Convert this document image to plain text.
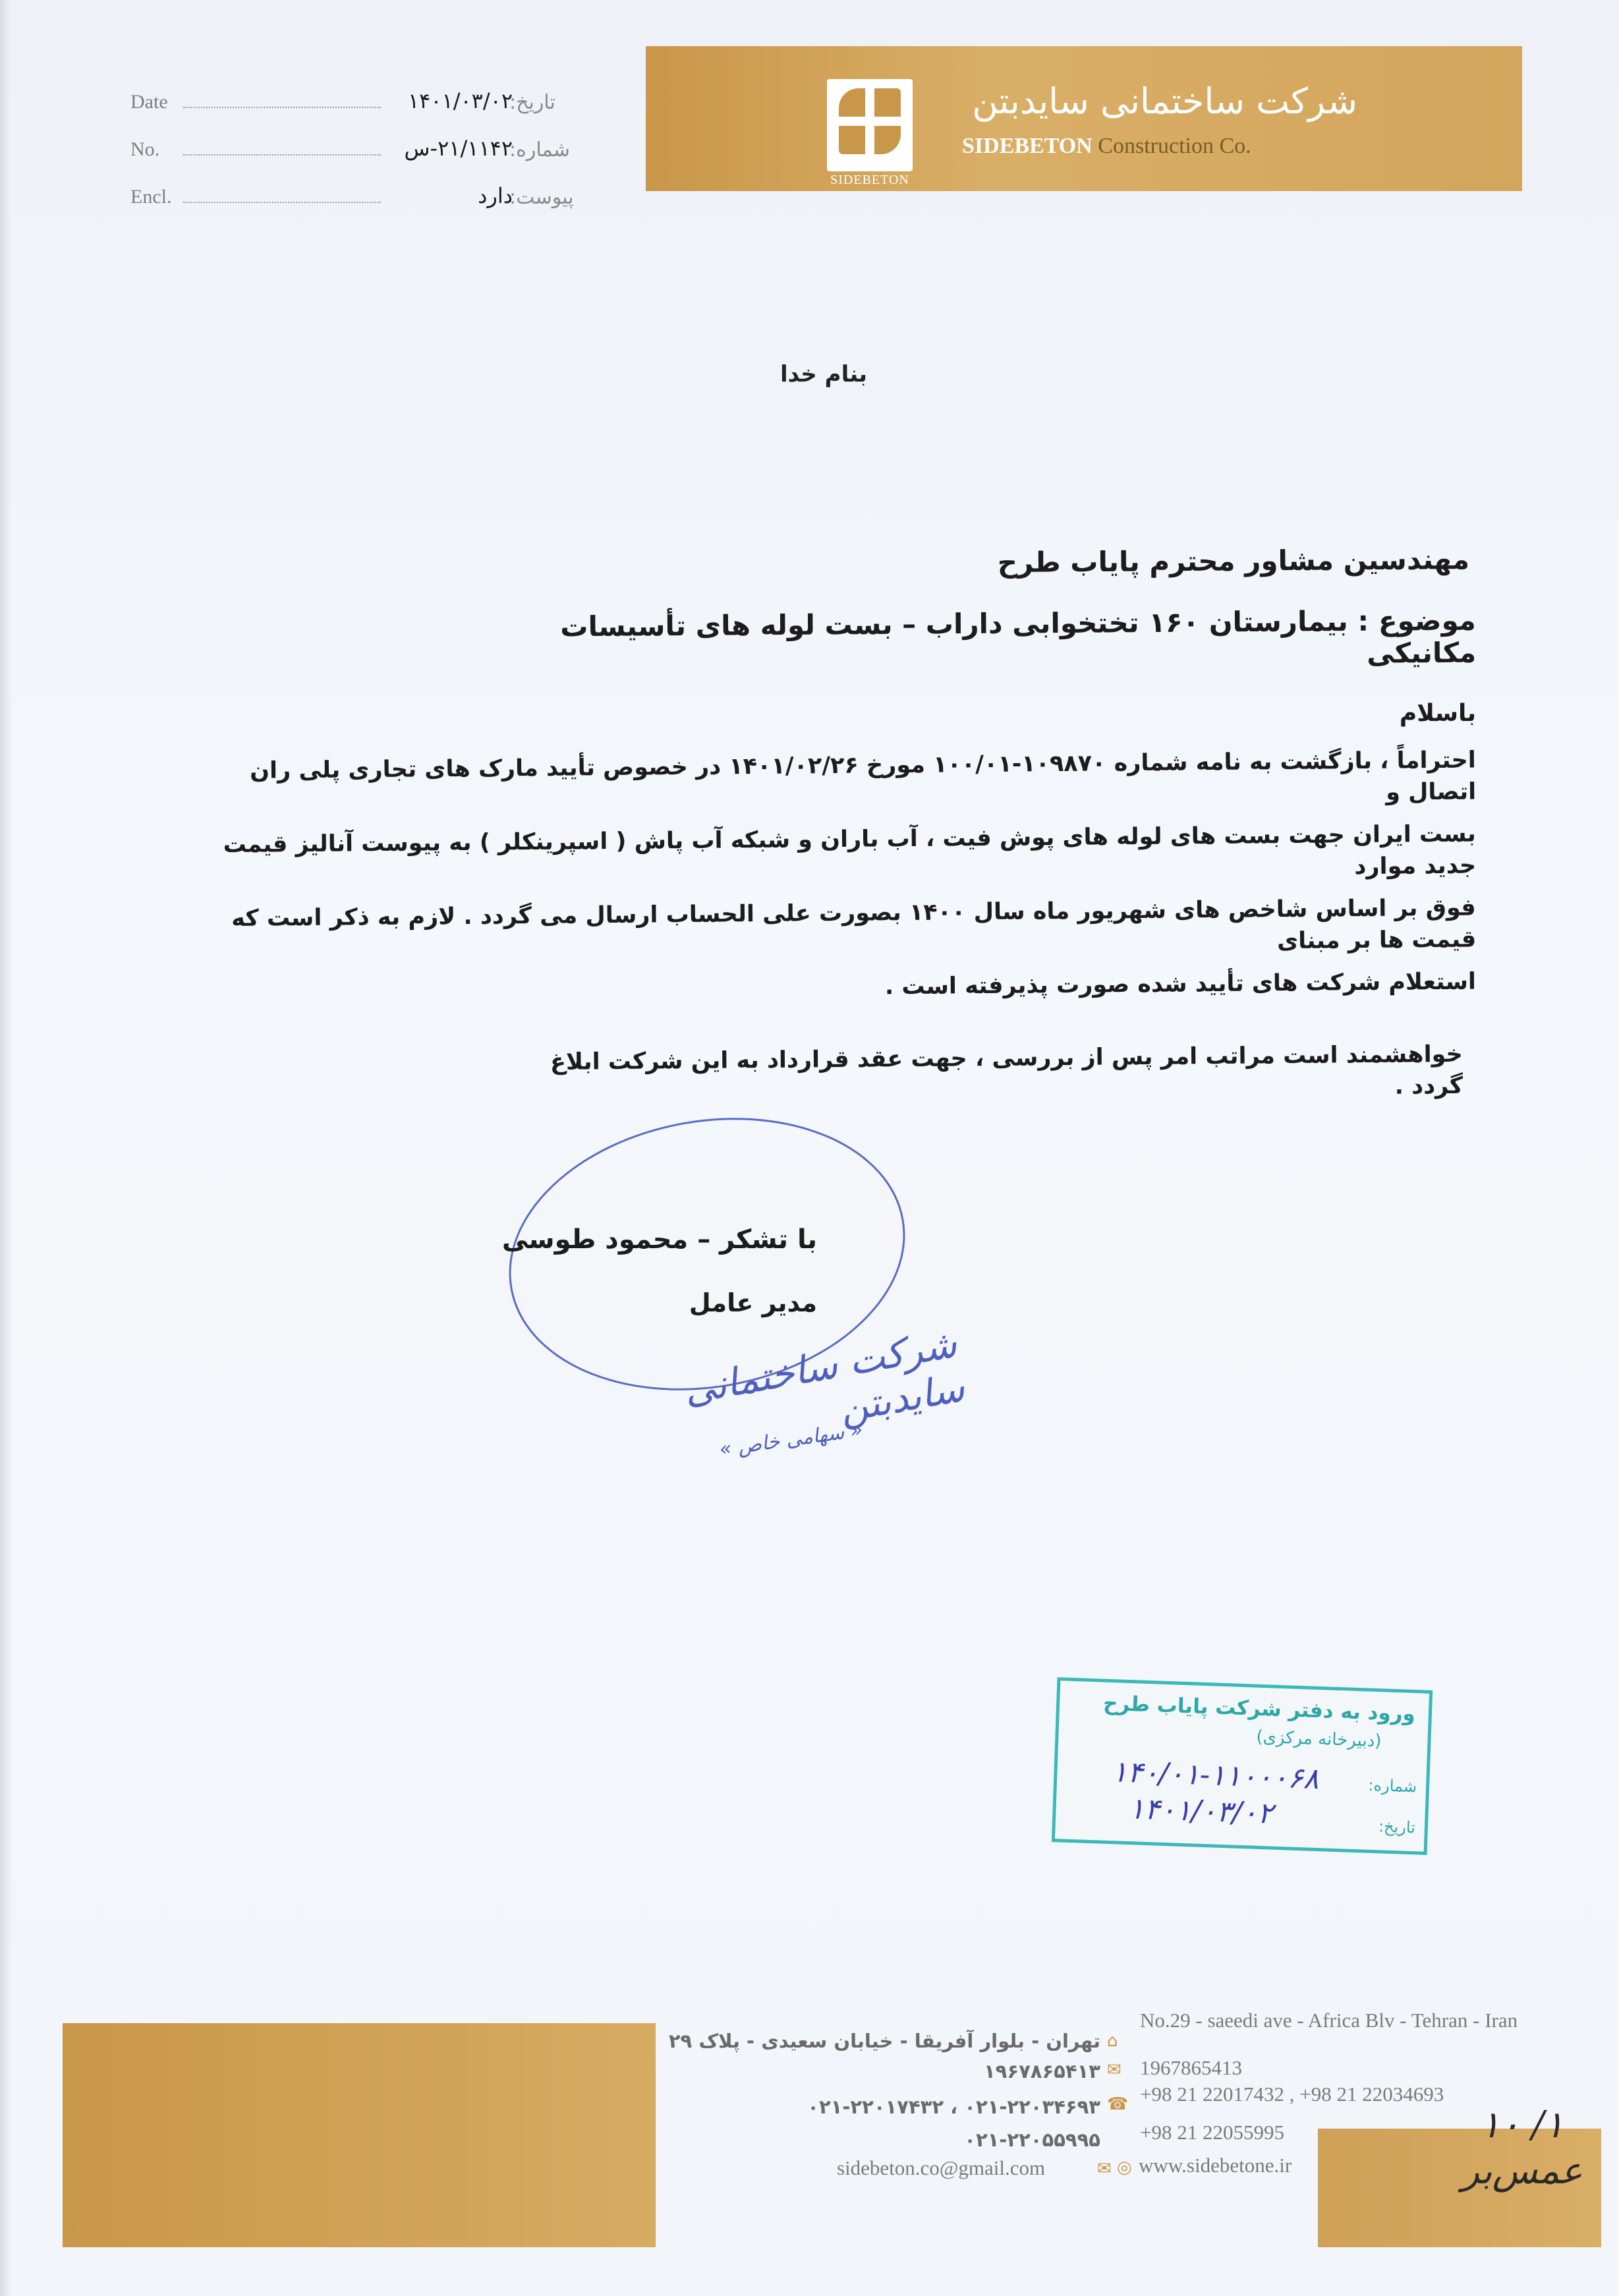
SIDEBETON
شرکت ساختمانی سایدبتن
SIDEBETON Construction Co.
Date	۱۴۰۱/۰۳/۰۲
تاریخ:
No.	۲۱/۱۱۴۲-س
شماره:
Encl.	دارد
پیوست:
بنام خدا
مهندسین مشاور محترم پایاب طرح
موضوع : بیمارستان ۱۶۰ تختخوابی داراب – بست لوله های تأسیسات مکانیکی
باسلام
احتراماً ، بازگشت به نامه شماره ۱۰۹۸۷۰-۱۰۰/۰۱ مورخ ۱۴۰۱/۰۲/۲۶ در خصوص تأیید مارک های تجاری پلی ران اتصال و
بست ایران جهت بست های لوله های پوش فیت ، آب باران و شبکه آب پاش ( اسپرینکلر ) به پیوست آنالیز قیمت جدید موارد
فوق بر اساس شاخص های شهریور ماه سال ۱۴۰۰ بصورت علی الحساب ارسال می گردد . لازم به ذکر است که قیمت ها بر مبنای
استعلام شرکت های تأیید شده صورت پذیرفته است .
خواهشمند است مراتب امر پس از بررسی ، جهت عقد قرارداد به این شرکت ابلاغ گردد .
با تشکر – محمود طوسی
مدیر عامل
شرکت ساختمانی سایدبتن
« سهامی خاص »
ورود به دفتر شرکت پایاب طرح
(دبیرخانه مرکزی)
شماره:
۱۴۰/۰۱-۱۱۰۰۰۶۸
تاریخ:
۱۴۰۱/۰۳/۰۲
تهران - بلوار آفریقا - خیابان سعیدی - پلاک ۲۹ ⌂
No.29 - saeedi ave - Africa Blv - Tehran - Iran
۱۹۶۷۸۶۵۴۱۳ ✉ 1967865413
۰۲۱-۲۲۰۳۴۶۹۳ ، ۰۲۱-۲۲۰۱۷۴۳۲ ☎ +98 21 22017432 , +98 21 22034693
۰۲۱-۲۲۰۵۵۹۹۵ +98 21 22055995
sidebeton.co@gmail.com	✉ ◎ www.sidebetone.ir
۱/ ۱۰ عمس‌بر
